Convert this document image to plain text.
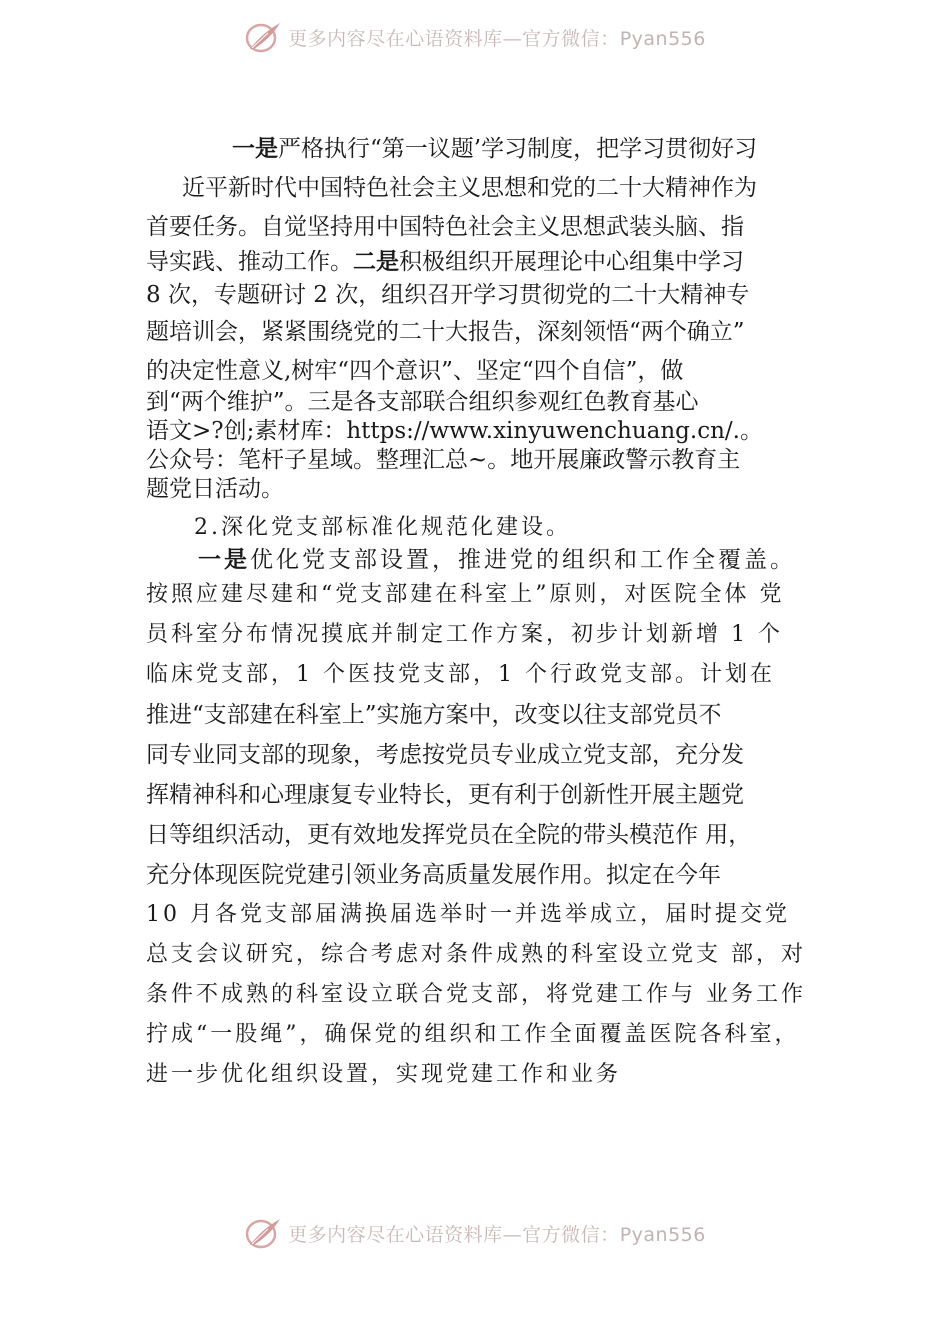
更多内容尽在心语资料库—官方微信：Pyan556
一是严格执行“第一议题’学习制度，把学习贯彻好习
近平新时代中国特色社会主义思想和党的二十大精神作为
首要任务。自觉坚持用中国特色社会主义思想武装头脑、指
导实践、推动工作。二是积极组织开展理论中心组集中学习
8 次，专题研讨 2 次，组织召开学习贯彻党的二十大精神专
题培训会，紧紧围绕党的二十大报告，深刻领悟“两个确立”
的决定性意义,树牢“四个意识”、坚定“四个自信”，做
到“两个维护”。三是各支部联合组织参观红色教育基心
语文>?创;素材库：https://www.xinyuwenchuang.cn/.。
公众号：笔杆子星域。整理汇总~。地开展廉政警示教育主
题党日活动。
2.深化党支部标准化规范化建设。
一是优化党支部设置，推进党的组织和工作全覆盖。
按照应建尽建和“党支部建在科室上”原则，对医院全体 党
员科室分布情况摸底并制定工作方案，初步计划新增 1 个
临床党支部，1 个医技党支部，1 个行政党支部。计划在
推进“支部建在科室上”实施方案中，改变以往支部党员不
同专业同支部的现象，考虑按党员专业成立党支部，充分发
挥精神科和心理康复专业特长，更有利于创新性开展主题党
日等组织活动，更有效地发挥党员在全院的带头模范作 用，
充分体现医院党建引领业务高质量发展作用。拟定在今年
10 月各党支部届满换届选举时一并选举成立，届时提交党
总支会议研究，综合考虑对条件成熟的科室设立党支 部，对
条件不成熟的科室设立联合党支部，将党建工作与 业务工作
拧成“一股绳”，确保党的组织和工作全面覆盖医院各科室，
进一步优化组织设置，实现党建工作和业务
更多内容尽在心语资料库—官方微信：Pyan556
